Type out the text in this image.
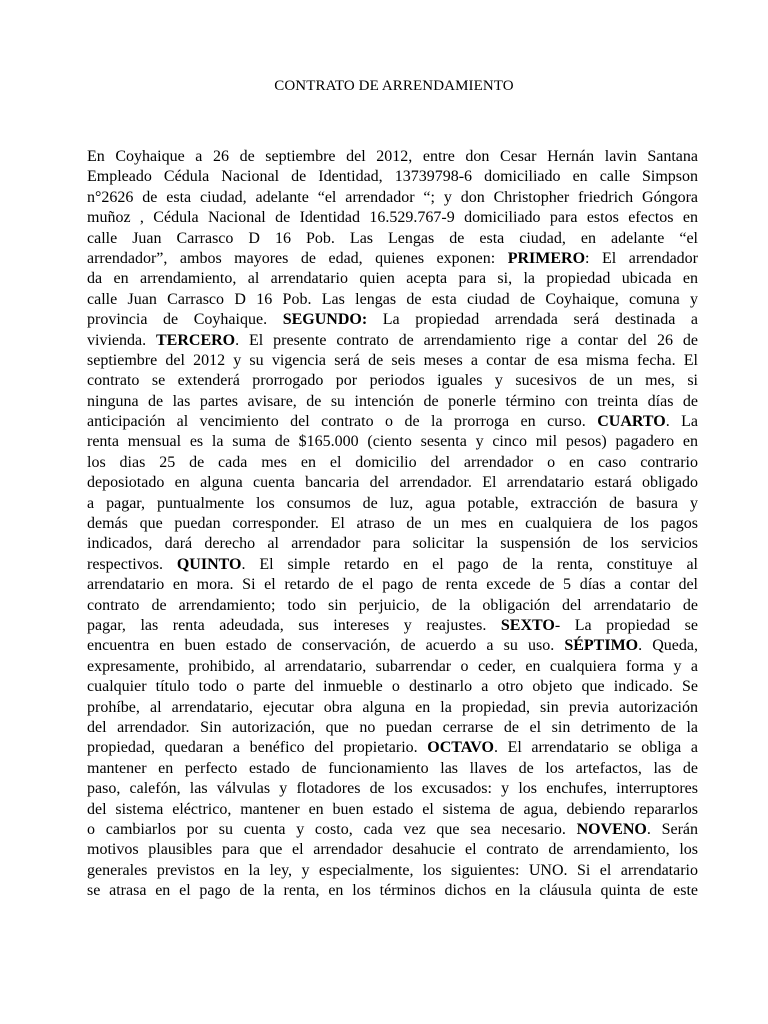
CONTRATO DE ARRENDAMIENTO
En Coyhaique a 26 de septiembre del 2012, entre don Cesar Hernán lavin Santana
Empleado Cédula Nacional de Identidad, 13739798-6 domiciliado en calle Simpson
n°2626 de esta ciudad, adelante “el arrendador “; y don Christopher friedrich Góngora
muñoz , Cédula Nacional de Identidad 16.529.767-9 domiciliado para estos efectos en
calle Juan Carrasco D 16 Pob. Las Lengas de esta ciudad, en adelante “el
arrendador”, ambos mayores de edad, quienes exponen: PRIMERO: El arrendador
da en arrendamiento, al arrendatario quien acepta para si, la propiedad ubicada en
calle Juan Carrasco D 16 Pob. Las lengas de esta ciudad de Coyhaique, comuna y
provincia de Coyhaique. SEGUNDO: La propiedad arrendada será destinada a
vivienda. TERCERO. El presente contrato de arrendamiento rige a contar del 26 de
septiembre del 2012 y su vigencia será de seis meses a contar de esa misma fecha. El
contrato se extenderá prorrogado por periodos iguales y sucesivos de un mes, si
ninguna de las partes avisare, de su intención de ponerle término con treinta días de
anticipación al vencimiento del contrato o de la prorroga en curso. CUARTO. La
renta mensual es la suma de $165.000 (ciento sesenta y cinco mil pesos) pagadero en
los dias 25 de cada mes en el domicilio del arrendador o en caso contrario
deposiotado en alguna cuenta bancaria del arrendador. El arrendatario estará obligado
a pagar, puntualmente los consumos de luz, agua potable, extracción de basura y
demás que puedan corresponder. El atraso de un mes en cualquiera de los pagos
indicados, dará derecho al arrendador para solicitar la suspensión de los servicios
respectivos. QUINTO. El simple retardo en el pago de la renta, constituye al
arrendatario en mora. Si el retardo de el pago de renta excede de 5 días a contar del
contrato de arrendamiento; todo sin perjuicio, de la obligación del arrendatario de
pagar, las renta adeudada, sus intereses y reajustes. SEXTO- La propiedad se
encuentra en buen estado de conservación, de acuerdo a su uso. SÉPTIMO. Queda,
expresamente, prohibido, al arrendatario, subarrendar o ceder, en cualquiera forma y a
cualquier título todo o parte del inmueble o destinarlo a otro objeto que indicado. Se
prohíbe, al arrendatario, ejecutar obra alguna en la propiedad, sin previa autorización
del arrendador. Sin autorización, que no puedan cerrarse de el sin detrimento de la
propiedad, quedaran a benéfico del propietario. OCTAVO. El arrendatario se obliga a
mantener en perfecto estado de funcionamiento las llaves de los artefactos, las de
paso, calefón, las válvulas y flotadores de los excusados: y los enchufes, interruptores
del sistema eléctrico, mantener en buen estado el sistema de agua, debiendo repararlos
o cambiarlos por su cuenta y costo, cada vez que sea necesario. NOVENO. Serán
motivos plausibles para que el arrendador desahucie el contrato de arrendamiento, los
generales previstos en la ley, y especialmente, los siguientes: UNO. Si el arrendatario
se atrasa en el pago de la renta, en los términos dichos en la cláusula quinta de este
